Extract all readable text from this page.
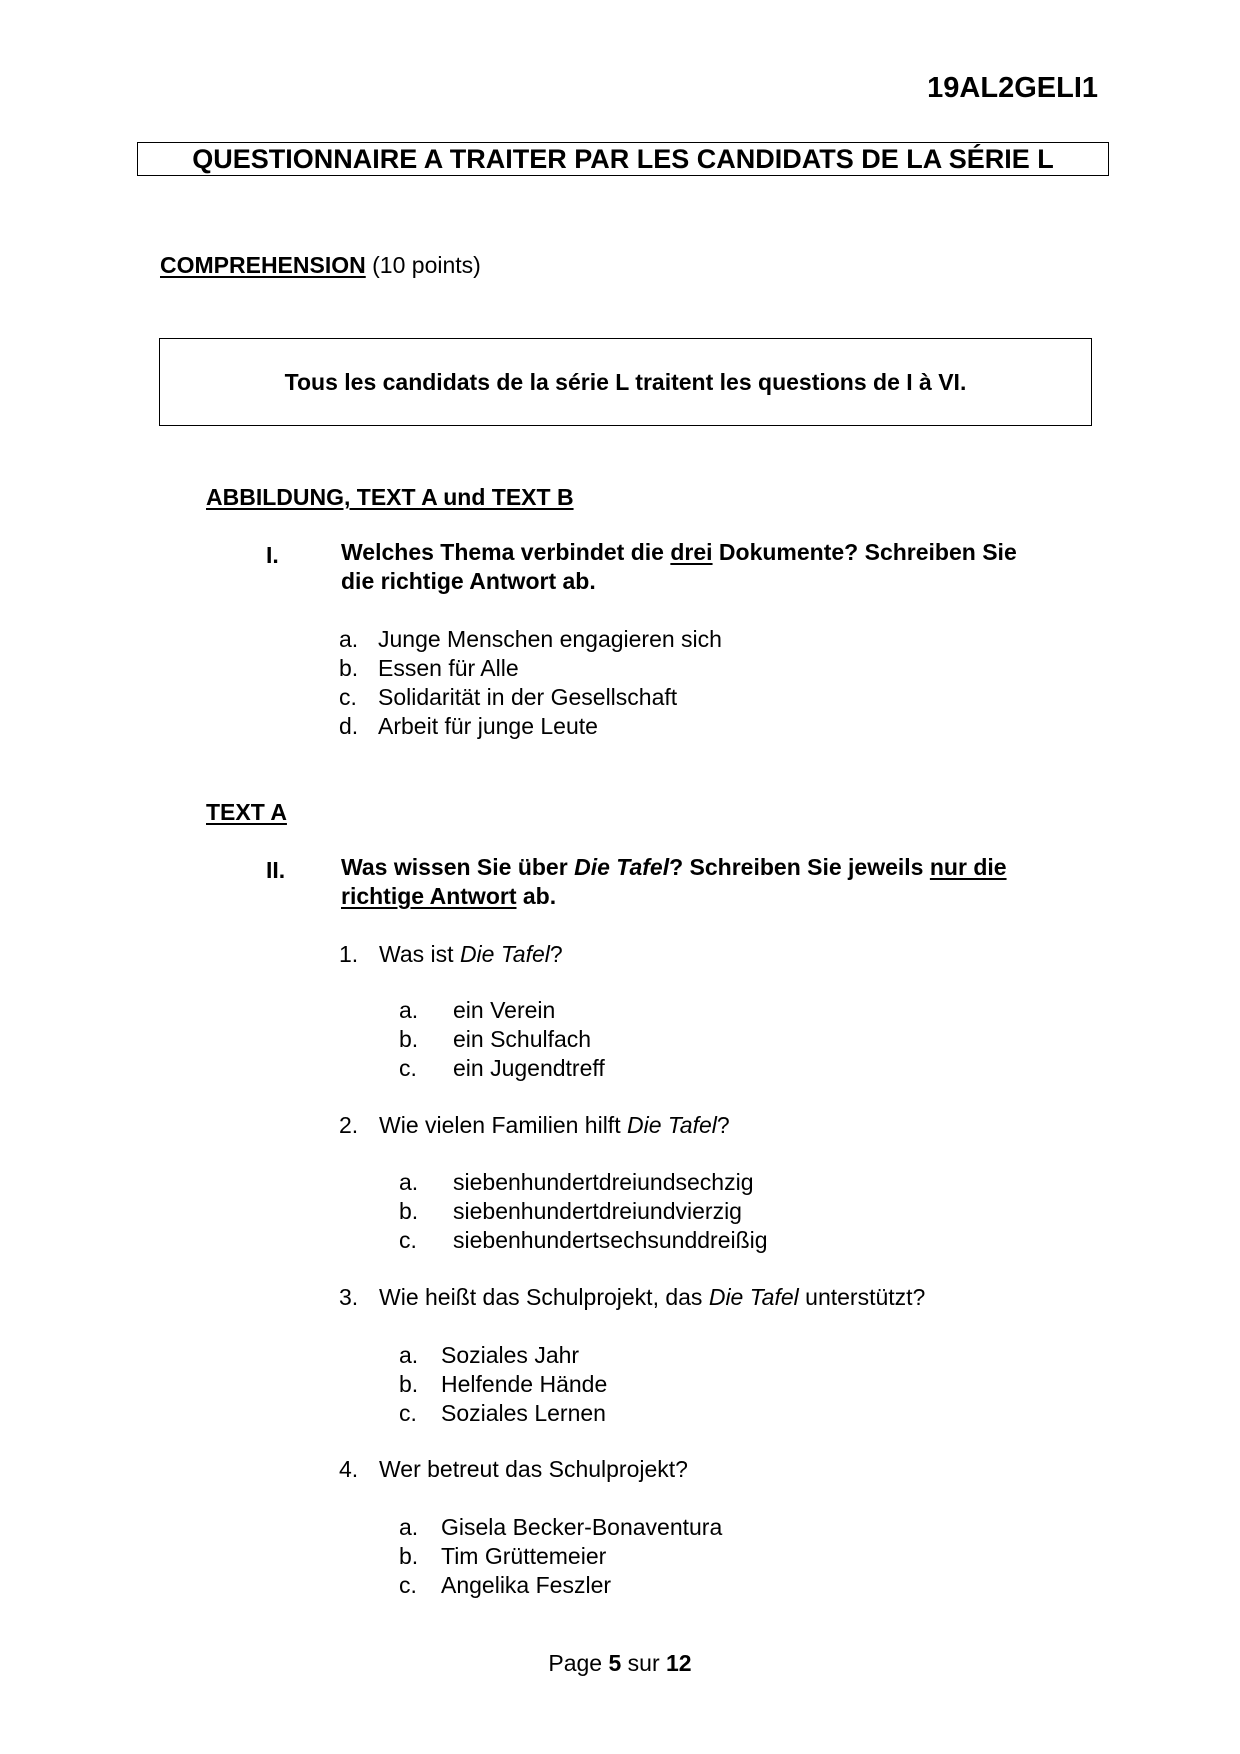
19AL2GELI1
QUESTIONNAIRE A TRAITER PAR LES CANDIDATS DE LA SÉRIE L
COMPREHENSION (10 points)
Tous les candidats de la série L traitent les questions de I à VI.
ABBILDUNG, TEXT A und TEXT B
I.	Welches Thema verbindet die drei Dokumente? Schreiben Sie
die richtige Antwort ab.
a. Junge Menschen engagieren sich
b. Essen für Alle
c. Solidarität in der Gesellschaft
d. Arbeit für junge Leute
TEXT A
II. Was wissen Sie über Die Tafel? Schreiben Sie jeweils nur die
richtige Antwort ab.
1. Was ist Die Tafel?
a. ein Verein
b. ein Schulfach
c. ein Jugendtreff
2. Wie vielen Familien hilft Die Tafel?
a. siebenhundertdreiundsechzig
b. siebenhundertdreiundvierzig
c. siebenhundertsechsunddreißig
3. Wie heißt das Schulprojekt, das Die Tafel unterstützt?
a. Soziales Jahr
b. Helfende Hände
c. Soziales Lernen
4. Wer betreut das Schulprojekt?
a. Gisela Becker-Bonaventura
b. Tim Grüttemeier
c. Angelika Feszler
Page 5 sur 12
